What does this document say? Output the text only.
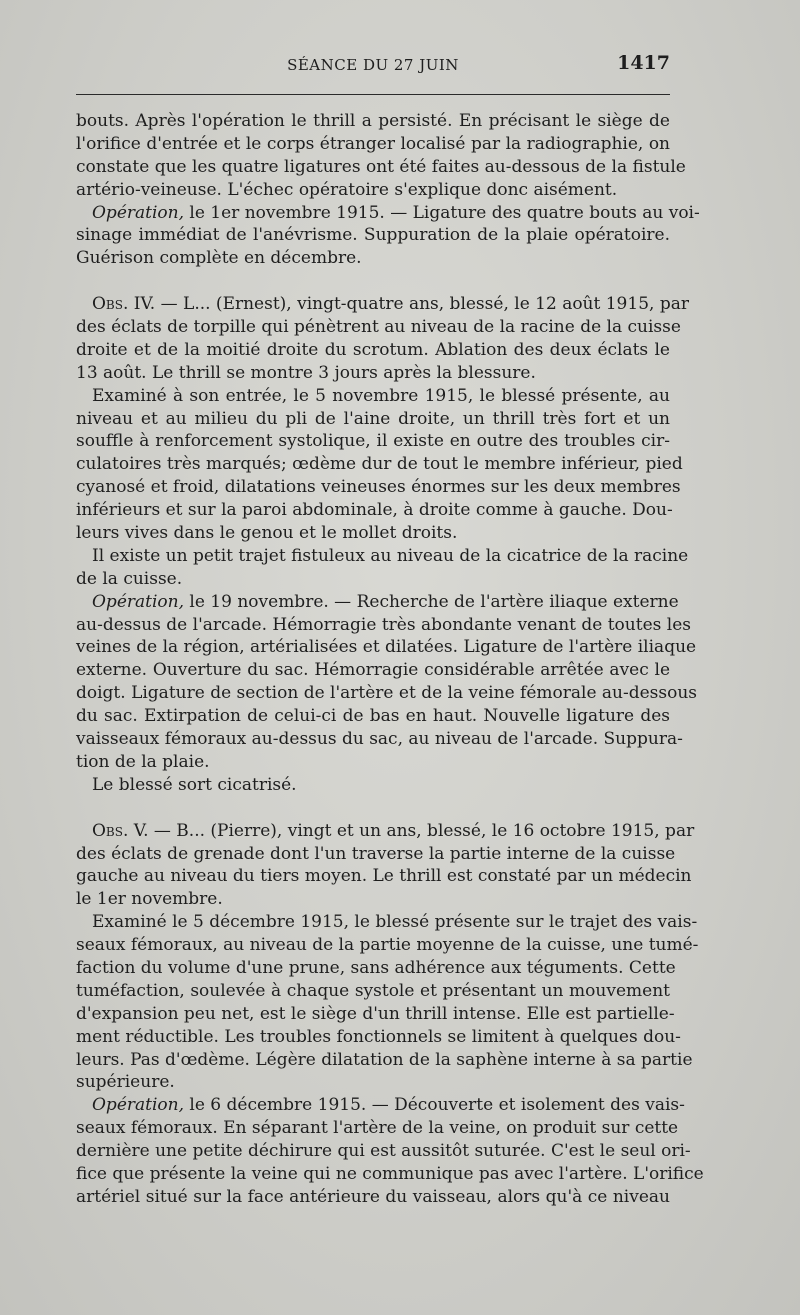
SÉANCE DU 27 JUIN	1417
bouts. Après l'opération le thrill a persisté. En précisant le siège de
l'orifice d'entrée et le corps étranger localisé par la radiographie, on
constate que les quatre ligatures ont été faites au-dessous de la fistule
artério-veineuse. L'échec opératoire s'explique donc aisément.
Opération, le 1er novembre 1915. — Ligature des quatre bouts au voi-
sinage immédiat de l'anévrisme. Suppuration de la plaie opératoire.
Guérison complète en décembre.
Obs. IV. — L... (Ernest), vingt-quatre ans, blessé, le 12 août 1915, par
des éclats de torpille qui pénètrent au niveau de la racine de la cuisse
droite et de la moitié droite du scrotum. Ablation des deux éclats le
13 août. Le thrill se montre 3 jours après la blessure.
Examiné à son entrée, le 5 novembre 1915, le blessé présente, au
niveau et au milieu du pli de l'aine droite, un thrill très fort et un
souffle à renforcement systolique, il existe en outre des troubles cir-
culatoires très marqués; œdème dur de tout le membre inférieur, pied
cyanosé et froid, dilatations veineuses énormes sur les deux membres
inférieurs et sur la paroi abdominale, à droite comme à gauche. Dou-
leurs vives dans le genou et le mollet droits.
Il existe un petit trajet fistuleux au niveau de la cicatrice de la racine
de la cuisse.
Opération, le 19 novembre. — Recherche de l'artère iliaque externe
au-dessus de l'arcade. Hémorragie très abondante venant de toutes les
veines de la région, artérialisées et dilatées. Ligature de l'artère iliaque
externe. Ouverture du sac. Hémorragie considérable arrêtée avec le
doigt. Ligature de section de l'artère et de la veine fémorale au-dessous
du sac. Extirpation de celui-ci de bas en haut. Nouvelle ligature des
vaisseaux fémoraux au-dessus du sac, au niveau de l'arcade. Suppura-
tion de la plaie.
Le blessé sort cicatrisé.
Obs. V. — B... (Pierre), vingt et un ans, blessé, le 16 octobre 1915, par
des éclats de grenade dont l'un traverse la partie interne de la cuisse
gauche au niveau du tiers moyen. Le thrill est constaté par un médecin
le 1er novembre.
Examiné le 5 décembre 1915, le blessé présente sur le trajet des vais-
seaux fémoraux, au niveau de la partie moyenne de la cuisse, une tumé-
faction du volume d'une prune, sans adhérence aux téguments. Cette
tuméfaction, soulevée à chaque systole et présentant un mouvement
d'expansion peu net, est le siège d'un thrill intense. Elle est partielle-
ment réductible. Les troubles fonctionnels se limitent à quelques dou-
leurs. Pas d'œdème. Légère dilatation de la saphène interne à sa partie
supérieure.
Opération, le 6 décembre 1915. — Découverte et isolement des vais-
seaux fémoraux. En séparant l'artère de la veine, on produit sur cette
dernière une petite déchirure qui est aussitôt suturée. C'est le seul ori-
fice que présente la veine qui ne communique pas avec l'artère. L'orifice
artériel situé sur la face antérieure du vaisseau, alors qu'à ce niveau
